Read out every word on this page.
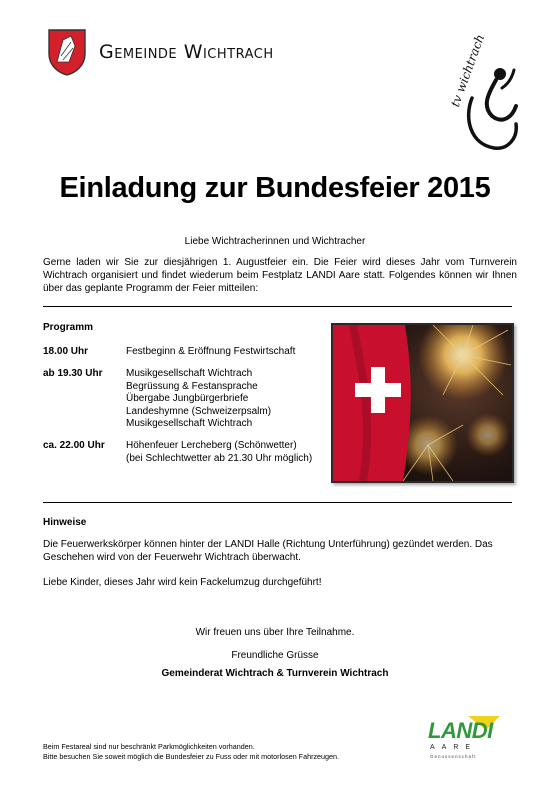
Gemeinde Wichtrach	tv wichtrach
Einladung zur Bundesfeier 2015
Liebe Wichtracherinnen und Wichtracher
Gerne laden wir Sie zur diesjährigen 1. Augustfeier ein. Die Feier wird dieses Jahr vom Turnverein Wichtrach organisiert und findet wiederum beim Festplatz LANDI Aare statt. Folgendes können wir Ihnen über das geplante Programm der Feier mitteilen:
Programm
18.00 Uhr	Festbeginn & Eröffnung Festwirtschaft
ab 19.30 Uhr	Musikgesellschaft Wichtrach
Begrüssung & Festansprache
Übergabe Jungbürgerbriefe
Landeshymne (Schweizerpsalm)
Musikgesellschaft Wichtrach
ca. 22.00 Uhr	Höhenfeuer Lercheberg (Schönwetter)
(bei Schlechtwetter ab 21.30 Uhr möglich)
Hinweise
Die Feuerwerkskörper können hinter der LANDI Halle (Richtung Unterführung) gezündet werden. Das Geschehen wird von der Feuerwehr Wichtrach überwacht.
Liebe Kinder, dieses Jahr wird kein Fackelumzug durchgeführt!
Wir freuen uns über Ihre Teilnahme.
Freundliche Grüsse
Gemeinderat Wichtrach & Turnverein Wichtrach
Beim Festareal sind nur beschränkt Parkmöglichkeiten vorhanden.
Bitte besuchen Sie soweit möglich die Bundesfeier zu Fuss oder mit motorlosen Fahrzeugen.
LANDI
AARE
Genossenschaft
